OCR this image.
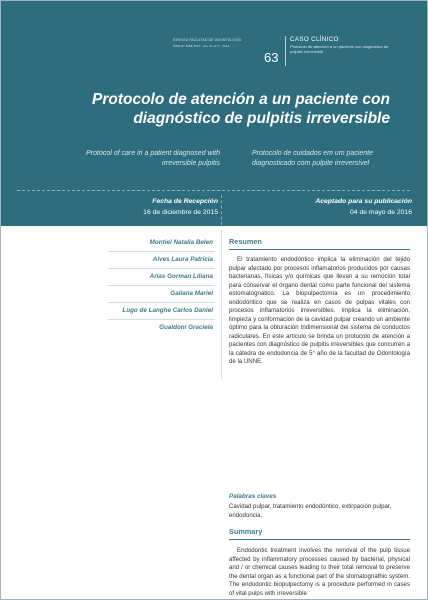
REVISTA FACULTAD DE ODONTOLOGÍA
ISSN N° 1668-7647 · Vol. IX, N° 1 · 2016
63
CASO CLÍNICO
Protocolo de atención a un paciente con diagnóstico de pulpitis irreversible
Protocolo de atención a un paciente con diagnóstico de pulpitis irreversible
Protocol of care in a patient diagnosed with irreversible pulpitis
Protocolo de cuidados em um paciente diagnosticado com pulpite irreversível
Fecha de Recepción
16 de diciembre de 2015
Aceptado para su publicación
04 de mayo de 2016
Montiel Natalia Belen
Alves Laura Patricia
Arias Gorman Liliana
Galiana Mariel
Lugo de Langhe Carlos Daniel
Gualdoni Graciela
Resumen

El tratamiento endodóntico implica la eliminación del tejido pulpar afectado por procesos inflamatorios producidos por causas bacterianas, físicas y/o químicas que llevan a su remoción total para conservar el órgano dental como parte funcional del sistema estomatognático. La biopulpectomía es un procedimiento endodóntico que se realiza en casos de pulpas vitales con procesos inflamatorios irreversibles. Implica la eliminación, limpieza y conformación de la cavidad pulpar creando un ambiente óptimo para la obturación tridimensional del sistema de conductos radiculares. En este artículo se brinda un protocolo de atención a pacientes con diagnóstico de pulpitis irreversibles que concurren a la cátedra de endodoncia de 5° año de la facultad de Odontología de la UNNE.

Palabras claves

Cavidad pulpar, tratamiento endodóntico, extirpación pulpar, endodoncia.

Summary

Endodontic treatment involves the removal of the pulp tissue affected by inflammatory processes caused by bacterial, physical and / or chemical causes leading to their total removal to preserve the dental organ as a functional part of the stomatognathic system. The endodontic biopulpectomy is a procedure performed in cases of vital pulps with irreversible
